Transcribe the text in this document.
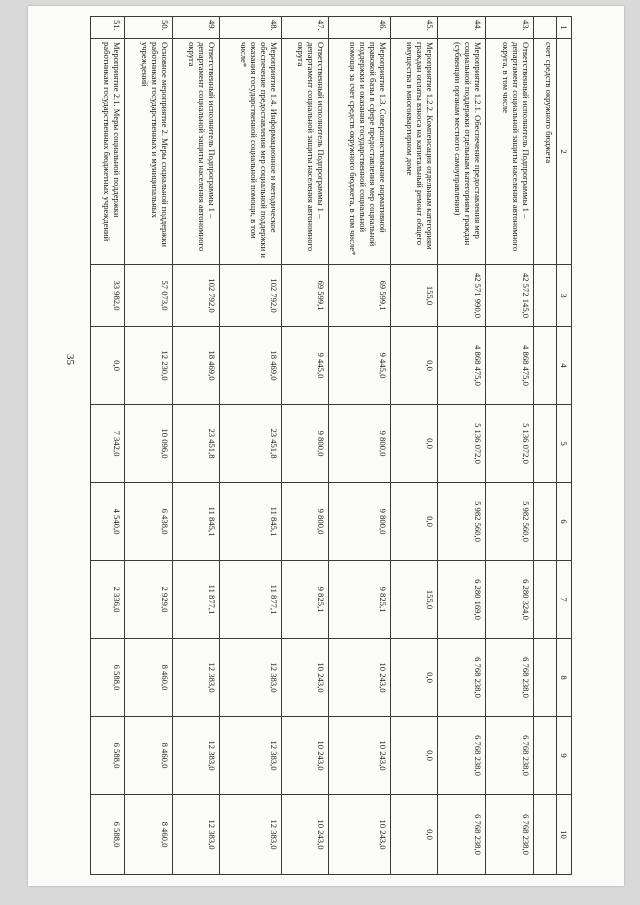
35
1	2	3	4	5	6	7	8	9	10
	счет средств окружного бюджета								
43.	Ответственный исполнитель Подпрограммы 1 – департамент социальной защиты населения автономного округа, в том числе	42 572 145,0	4 868 475,0	5 136 072,0	5 982 560,0	6 280 324,0	6 768 238,0	6 768 238,0	6 768 238,0
44.	Мероприятие 1.2.1. Обеспечение предоставления мер социальной поддержки отдельным категориям граждан (субвенции органам местного самоуправления)	42 571 990,0	4 868 475,0	5 136 072,0	5 982 560,0	6 280 169,0	6 768 238,0	6 768 238,0	6 768 238,0
45.	Мероприятие 1.2.2. Компенсация отдельным категориям граждан оплаты взноса на капитальный ремонт общего имущества в многоквартирном доме	155,0	0,0	0,0	0,0	155,0	0,0	0,0	0,0
46.	Мероприятие 1.3. Совершенствование нормативной правовой базы в сфере предоставления мер социальной поддержки и оказания государственной социальной помощи за счет средств окружного бюджета, в том числе*	69 599,1	9 445,0	9 800,0	9 800,0	9 825,1	10 243,0	10 243,0	10 243,0
47.	Ответственный исполнитель Подпрограммы 1 – департамент социальной защиты населения автономного округа	69 599,1	9 445,0	9 800,0	9 800,0	9 825,1	10 243,0	10 243,0	10 243,0
48.	Мероприятие 1.4. Информационное и методическое обеспечение предоставления мер социальной поддержки и оказания государственной социальной помощи, в том числе*	102 792,0	18 469,0	23 451,8	11 845,1	11 877,1	12 383,0	12 383,0	12 383,0
49.	Ответственный исполнитель Подпрограммы 1 – департамент социальной защиты населения автономного округа	102 792,0	18 469,0	23 451,8	11 845,1	11 877,1	12 383,0	12 383,0	12 383,0
50.	Основное мероприятие 2. Меры социальной поддержки работникам государственных и муниципальных учреждений	57 073,0	12 230,0	10 096,0	6 438,0	2 929,0	8 460,0	8 460,0	8 460,0
51.	Мероприятие 2.1. Меры социальной поддержки работникам государственных бюджетных учреждений	33 982,0	0,0	7 342,0	4 540,0	2 336,0	6 588,0	6 588,0	6 588,0
